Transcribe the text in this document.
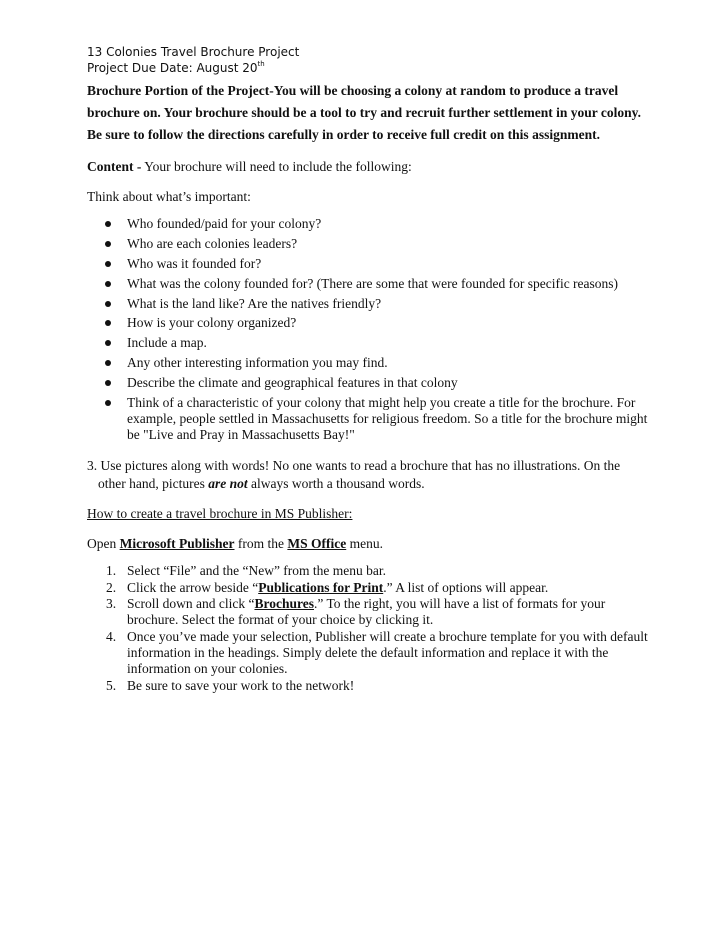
13 Colonies Travel Brochure Project
Project Due Date: August 20th

Brochure Portion of the Project-You will be choosing a colony at random to produce a travel brochure on. Your brochure should be a tool to try and recruit further settlement in your colony. Be sure to follow the directions carefully in order to receive full credit on this assignment.

Content - Your brochure will need to include the following:

Think about what’s important:

Who founded/paid for your colony?
Who are each colonies leaders?
Who was it founded for?
What was the colony founded for? (There are some that were founded for specific reasons)
What is the land like? Are the natives friendly?
How is your colony organized?
Include a map.
Any other interesting information you may find.
Describe the climate and geographical features in that colony
Think of a characteristic of your colony that might help you create a title for the brochure. For example, people settled in Massachusetts for religious freedom. So a title for the brochure might be "Live and Pray in Massachusetts Bay!"

3. Use pictures along with words! No one wants to read a brochure that has no illustrations. On the other hand, pictures are not always worth a thousand words.

How to create a travel brochure in MS Publisher:

Open Microsoft Publisher from the MS Office menu.

1. Select “File” and the “New” from the menu bar.
2. Click the arrow beside “Publications for Print.” A list of options will appear.
3. Scroll down and click “Brochures.” To the right, you will have a list of formats for your brochure. Select the format of your choice by clicking it.
4. Once you’ve made your selection, Publisher will create a brochure template for you with default information in the headings. Simply delete the default information and replace it with the information on your colonies.
5. Be sure to save your work to the network!
